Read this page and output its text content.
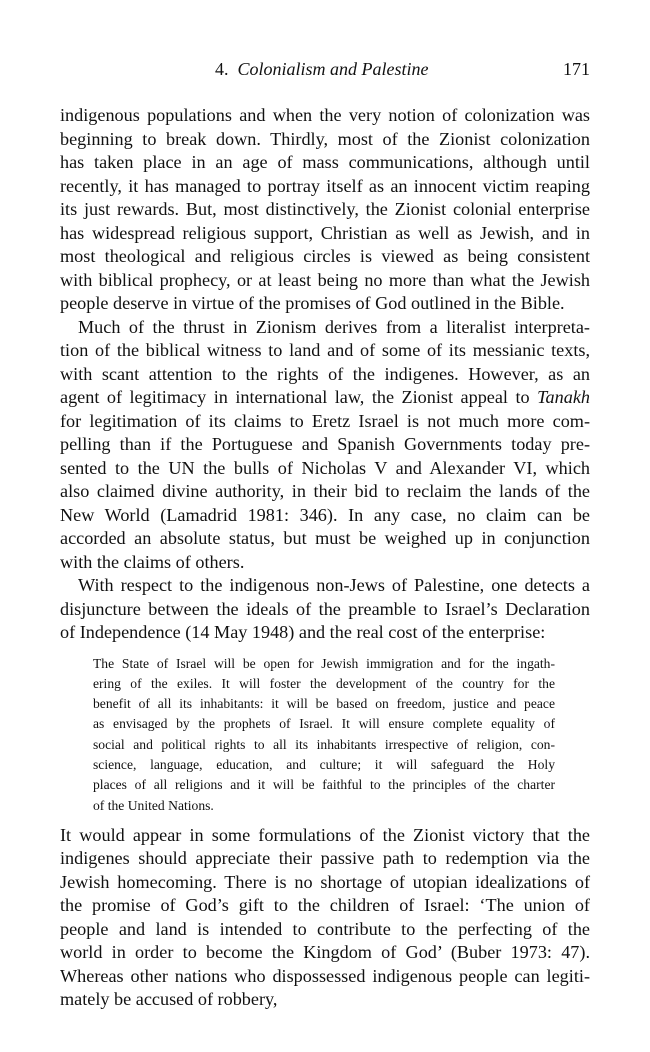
4. Colonialism and Palestine	171
indigenous populations and when the very notion of colonization was
beginning to break down. Thirdly, most of the Zionist colonization
has taken place in an age of mass communications, although until
recently, it has managed to portray itself as an innocent victim reaping
its just rewards. But, most distinctively, the Zionist colonial enterprise
has widespread religious support, Christian as well as Jewish, and in
most theological and religious circles is viewed as being consistent
with biblical prophecy, or at least being no more than what the Jewish
people deserve in virtue of the promises of God outlined in the Bible.
Much of the thrust in Zionism derives from a literalist interpreta-
tion of the biblical witness to land and of some of its messianic texts,
with scant attention to the rights of the indigenes. However, as an
agent of legitimacy in international law, the Zionist appeal to Tanakh
for legitimation of its claims to Eretz Israel is not much more com-
pelling than if the Portuguese and Spanish Governments today pre-
sented to the UN the bulls of Nicholas V and Alexander VI, which
also claimed divine authority, in their bid to reclaim the lands of the
New World (Lamadrid 1981: 346). In any case, no claim can be
accorded an absolute status, but must be weighed up in conjunction
with the claims of others.
With respect to the indigenous non-Jews of Palestine, one detects a
disjuncture between the ideals of the preamble to Israel’s Declaration
of Independence (14 May 1948) and the real cost of the enterprise:
The State of Israel will be open for Jewish immigration and for the ingath-
ering of the exiles. It will foster the development of the country for the
benefit of all its inhabitants: it will be based on freedom, justice and peace
as envisaged by the prophets of Israel. It will ensure complete equality of
social and political rights to all its inhabitants irrespective of religion, con-
science, language, education, and culture; it will safeguard the Holy
places of all religions and it will be faithful to the principles of the charter
of the United Nations.
It would appear in some formulations of the Zionist victory that the
indigenes should appreciate their passive path to redemption via the
Jewish homecoming. There is no shortage of utopian idealizations of
the promise of God’s gift to the children of Israel: ‘The union of
people and land is intended to contribute to the perfecting of the
world in order to become the Kingdom of God’ (Buber 1973: 47).
Whereas other nations who dispossessed indigenous people can legiti-
mately be accused of robbery,
